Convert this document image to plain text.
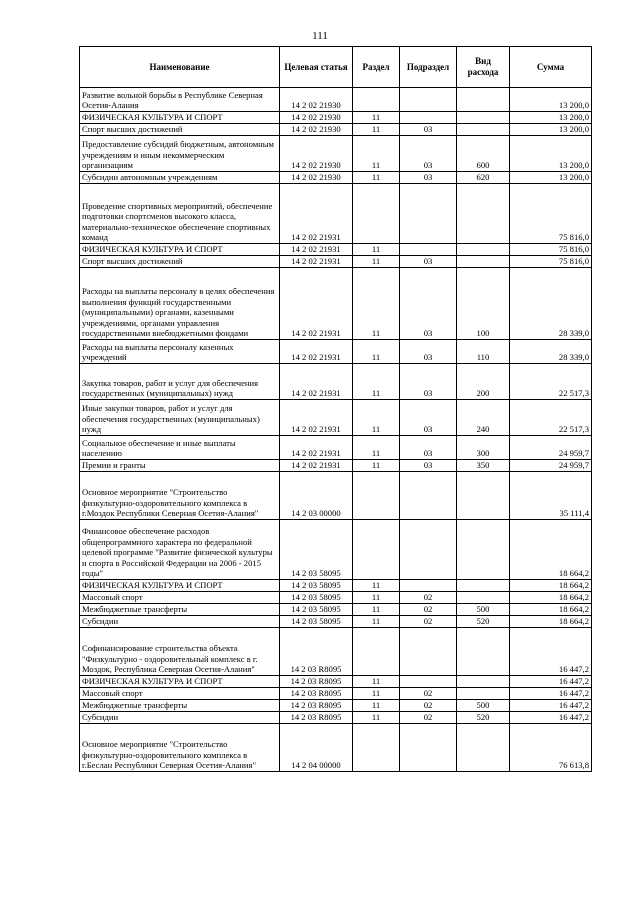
111
Наименование	Целевая статья	Раздел	Подраздел	Вид расхода	Сумма
Развитие вольной борьбы в Республике Северная Осетия-Алания	14 2 02 21930				13 200,0
ФИЗИЧЕСКАЯ КУЛЬТУРА И СПОРТ	14 2 02 21930	11			13 200,0
Спорт высших достижений	14 2 02 21930	11	03		13 200,0
Предоставление субсидий бюджетным, автономным учреждениям и иным некоммерческим организациям	14 2 02 21930	11	03	600	13 200,0
Субсидии автономным учреждениям	14 2 02 21930	11	03	620	13 200,0
Проведение спортивных мероприятий, обеспечение подготовки спортсменов высокого класса, материально-техническое обеспечение спортивных команд	14 2 02 21931				75 816,0
ФИЗИЧЕСКАЯ КУЛЬТУРА И СПОРТ	14 2 02 21931	11			75 816,0
Спорт высших достижений	14 2 02 21931	11	03		75 816,0
Расходы на выплаты персоналу в целях обеспечения выполнения функций государственными (муниципальными) органами, казенными учреждениями, органами управления государственными внебюджетными фондами	14 2 02 21931	11	03	100	28 339,0
Расходы на выплаты персоналу казенных учреждений	14 2 02 21931	11	03	110	28 339,0
Закупка товаров, работ и услуг для обеспечения государственных (муниципальных) нужд	14 2 02 21931	11	03	200	22 517,3
Иные закупки товаров, работ и услуг для обеспечения государственных (муниципальных) нужд	14 2 02 21931	11	03	240	22 517,3
Социальное обеспечение и иные выплаты населению	14 2 02 21931	11	03	300	24 959,7
Премии и гранты	14 2 02 21931	11	03	350	24 959,7
Основное мероприятие "Строительство физкультурно-оздоровительного комплекса в г.Моздок Республики Северная Осетия-Алания"	14 2 03 00000				35 111,4
Финансовое обеспечение расходов общепрограммного характера по федеральной целевой программе "Развитие физической культуры и спорта в Российской Федерации на 2006 - 2015 годы"	14 2 03 58095				18 664,2
ФИЗИЧЕСКАЯ КУЛЬТУРА И СПОРТ	14 2 03 58095	11			18 664,2
Массовый спорт	14 2 03 58095	11	02		18 664,2
Межбюджетные трансферты	14 2 03 58095	11	02	500	18 664,2
Субсидии	14 2 03 58095	11	02	520	18 664,2
Софинансирование строительства объекта "Физкультурно - оздоровительный комплекс в г. Моздок, Республика Северная Осетия-Алания"	14 2 03 R8095				16 447,2
ФИЗИЧЕСКАЯ КУЛЬТУРА И СПОРТ	14 2 03 R8095	11			16 447,2
Массовый спорт	14 2 03 R8095	11	02		16 447,2
Межбюджетные трансферты	14 2 03 R8095	11	02	500	16 447,2
Субсидии	14 2 03 R8095	11	02	520	16 447,2
Основное мероприятие "Строительство физкультурно-оздоровительного комплекса в г.Беслан Республики Северная Осетия-Алания"	14 2 04 00000				76 613,8
